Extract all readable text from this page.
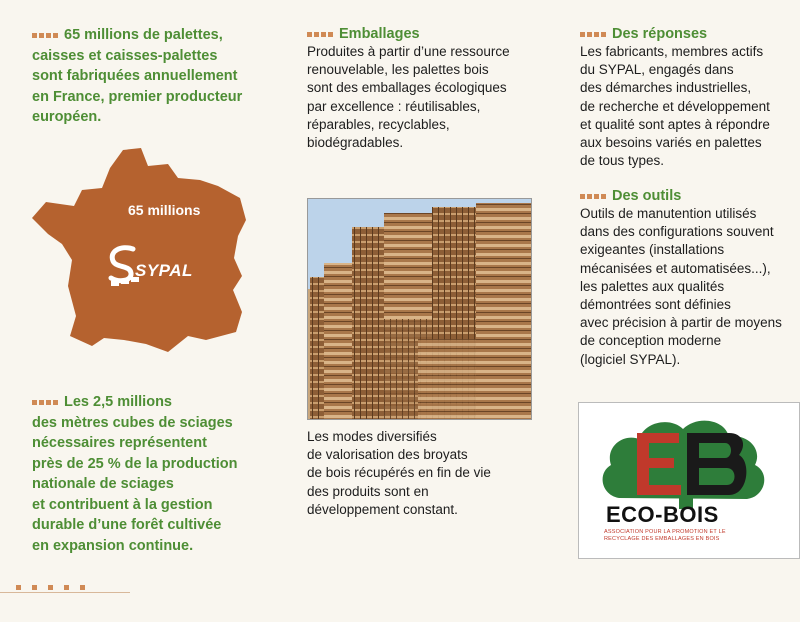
65 millions de palettes,
caisses et caisses-palettes
sont fabriquées annuellement
en France, premier producteur
européen.
65 millions
SYPAL
Les 2,5 millions
des mètres cubes de sciages
nécessaires représentent
près de 25 % de la production
nationale de sciages
et contribuent à la gestion
durable d’une forêt cultivée
en expansion continue.
Emballages
Produites à partir d’une ressource
renouvelable, les palettes bois
sont des emballages écologiques
par excellence : réutilisables,
réparables, recyclables,
biodégradables.
Les modes diversifiés
de valorisation des broyats
de bois récupérés en fin de vie
des produits sont en
développement constant.
Des réponses
Les fabricants, membres actifs
du SYPAL, engagés dans
des démarches industrielles,
de recherche et développement
et qualité sont aptes à répondre
aux besoins variés en palettes
de tous types.
Des outils
Outils de manutention utilisés
dans des configurations souvent
exigeantes (installations
mécanisées et automatisées...),
les palettes aux qualités
démontrées sont définies
avec précision à partir de moyens
de conception moderne
(logiciel SYPAL).
ECO-BOIS
ASSOCIATION POUR LA PROMOTION ET LE
RECYCLAGE DES EMBALLAGES EN BOIS
